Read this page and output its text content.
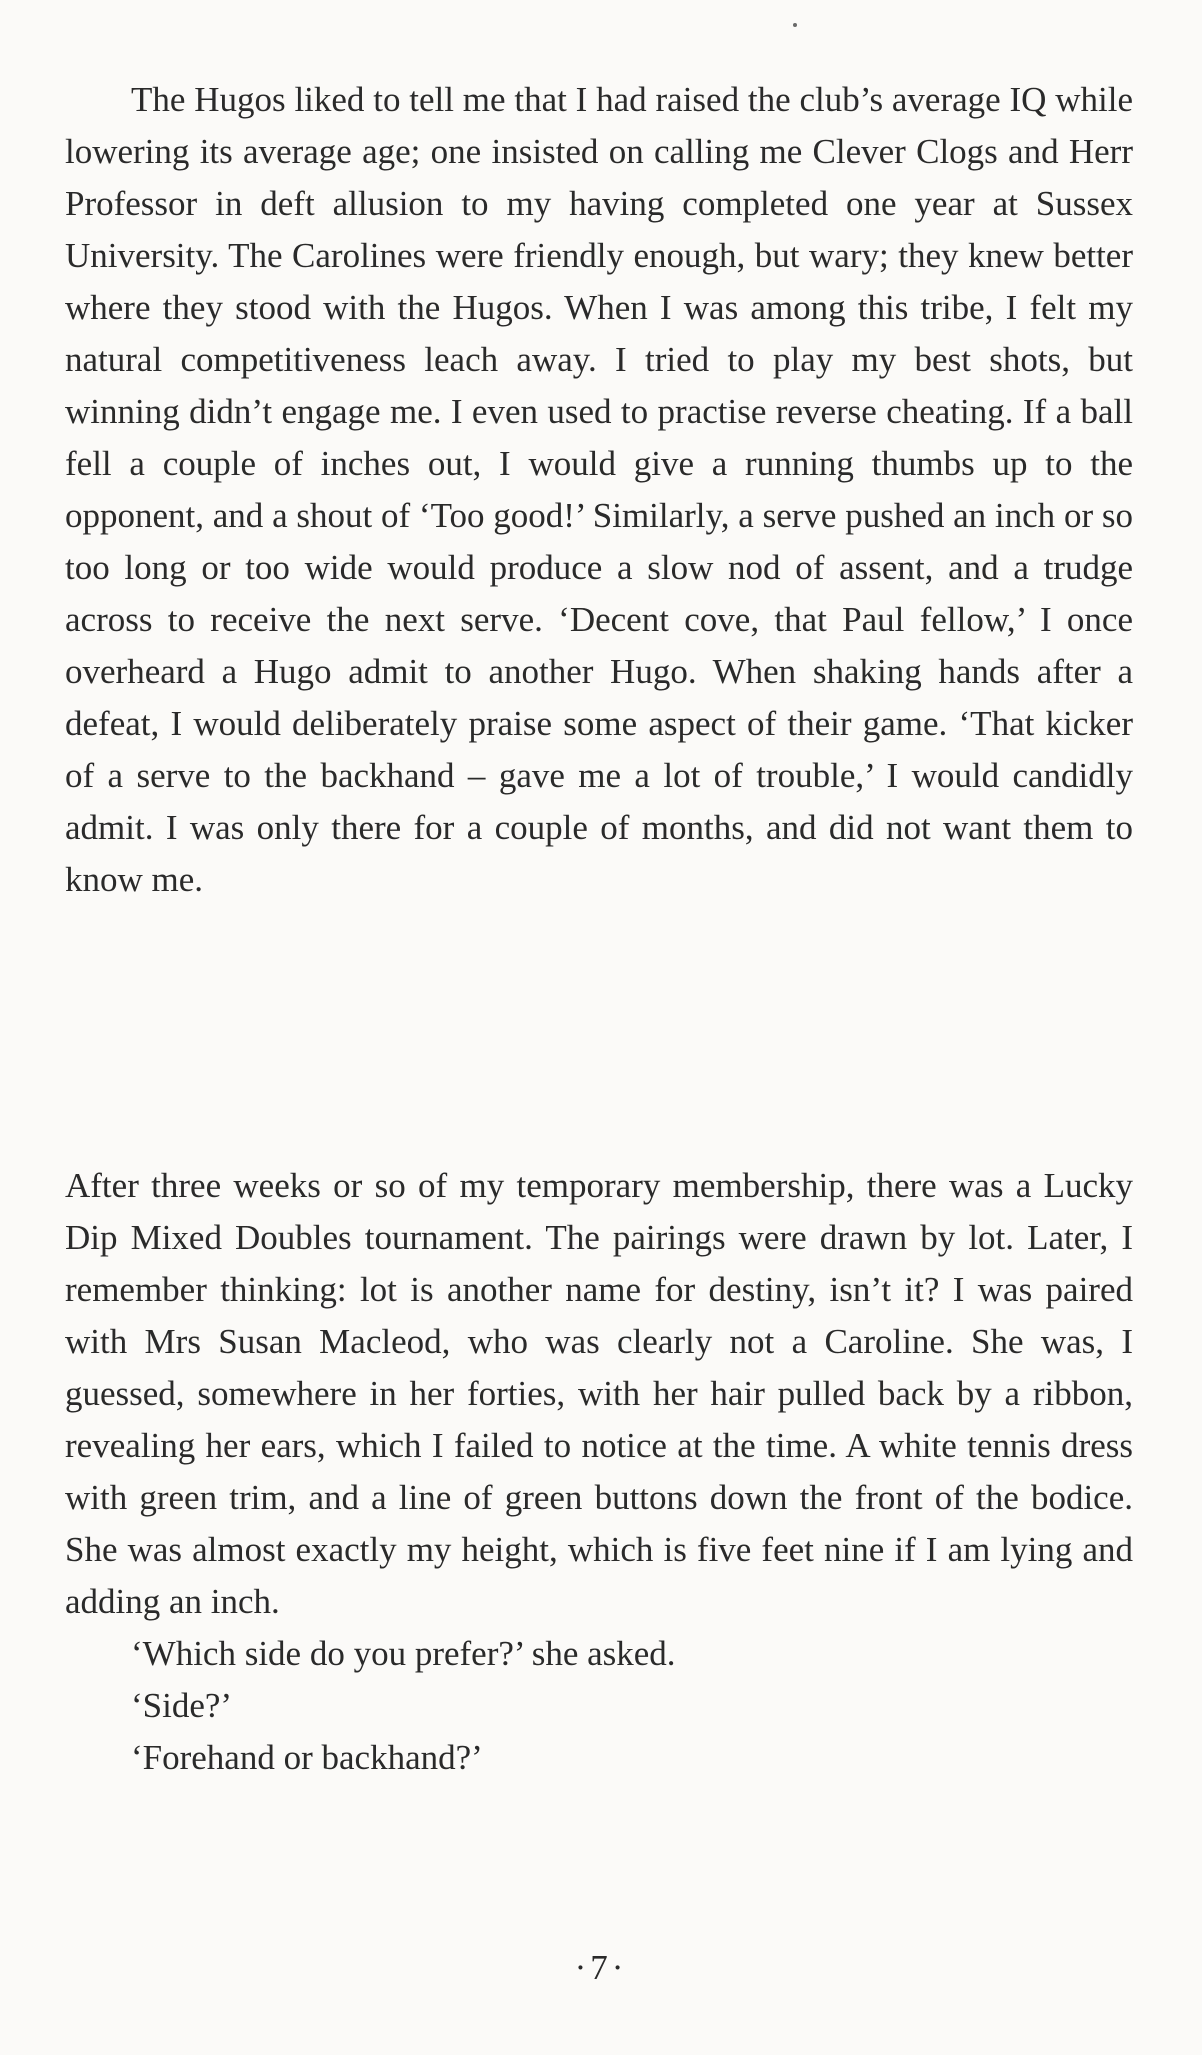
The Hugos liked to tell me that I had raised the club’s average IQ while lowering its average age; one insisted on calling me Clever Clogs and Herr Professor in deft allusion to my having completed one year at Sussex University. The Carolines were friendly enough, but wary; they knew better where they stood with the Hugos. When I was among this tribe, I felt my natural competitiveness leach away. I tried to play my best shots, but winning didn’t engage me. I even used to practise reverse cheating. If a ball fell a couple of inches out, I would give a running thumbs up to the opponent, and a shout of ‘Too good!’ Similarly, a serve pushed an inch or so too long or too wide would produce a slow nod of assent, and a trudge across to receive the next serve. ‘Decent cove, that Paul fellow,’ I once overheard a Hugo admit to another Hugo. When shaking hands after a defeat, I would deliberately praise some aspect of their game. ‘That kicker of a serve to the backhand – gave me a lot of trouble,’ I would candidly admit. I was only there for a couple of months, and did not want them to know me.

After three weeks or so of my temporary membership, there was a Lucky Dip Mixed Doubles tournament. The pairings were drawn by lot. Later, I remember thinking: lot is another name for destiny, isn’t it? I was paired with Mrs Susan Macleod, who was clearly not a Caroline. She was, I guessed, somewhere in her forties, with her hair pulled back by a ribbon, revealing her ears, which I failed to notice at the time. A white tennis dress with green trim, and a line of green buttons down the front of the bodice. She was almost exactly my height, which is five feet nine if I am lying and adding an inch.

‘Which side do you prefer?’ she asked.

‘Side?’

‘Forehand or backhand?’

·7·
